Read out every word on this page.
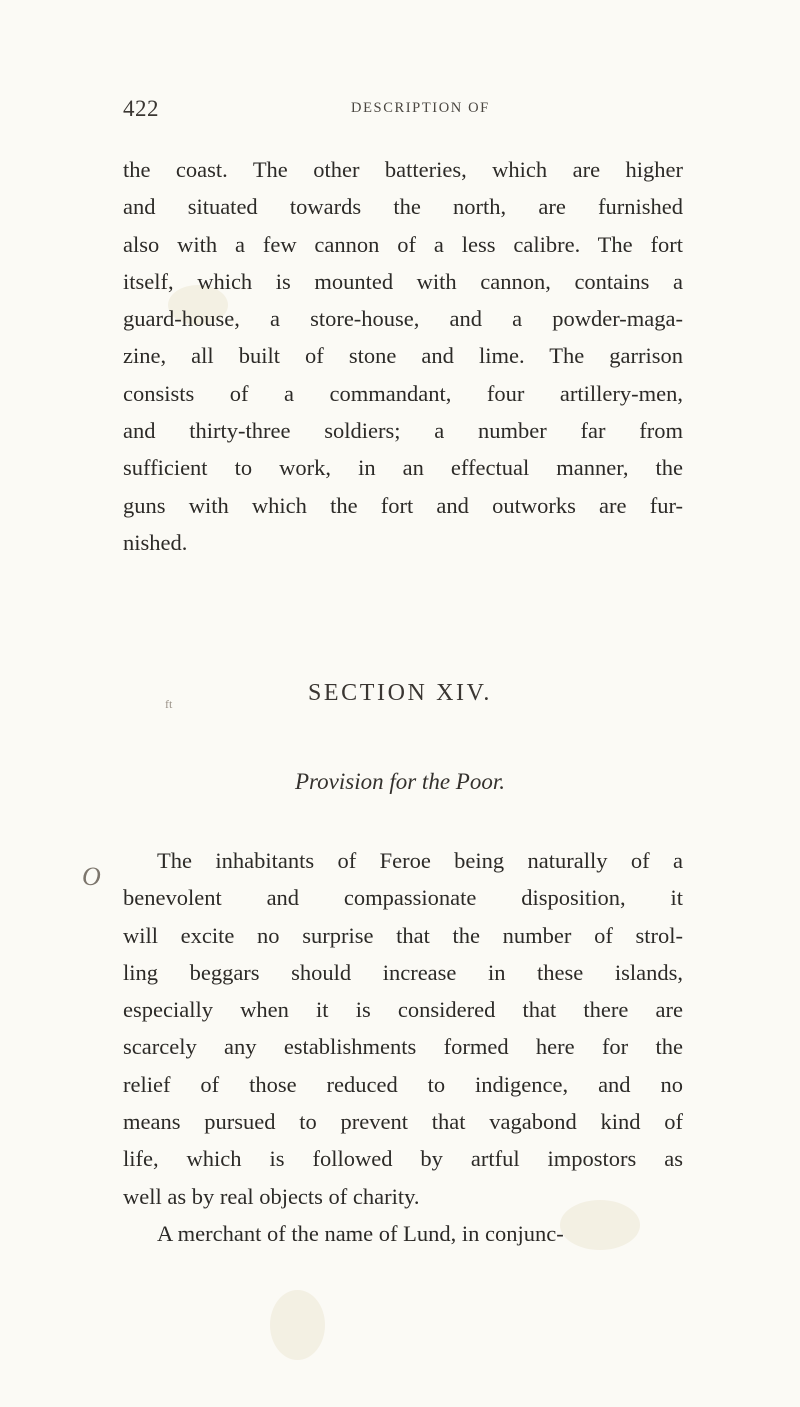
422	DESCRIPTION OF
the coast. The other batteries, which are higher
and situated towards the north, are furnished
also with a few cannon of a less calibre. The fort
itself, which is mounted with cannon, contains a
guard-house, a store-house, and a powder-maga-
zine, all built of stone and lime. The garrison
consists of a commandant, four artillery-men,
and thirty-three soldiers; a number far from
sufficient to work, in an effectual manner, the
guns with which the fort and outworks are fur-
nished.
ft	SECTION XIV.
Provision for the Poor.
O
The inhabitants of Feroe being naturally of a
benevolent and compassionate disposition, it
will excite no surprise that the number of strol-
ling beggars should increase in these islands,
especially when it is considered that there are
scarcely any establishments formed here for the
relief of those reduced to indigence, and no
means pursued to prevent that vagabond kind of
life, which is followed by artful impostors as
well as by real objects of charity.
A merchant of the name of Lund, in conjunc-
